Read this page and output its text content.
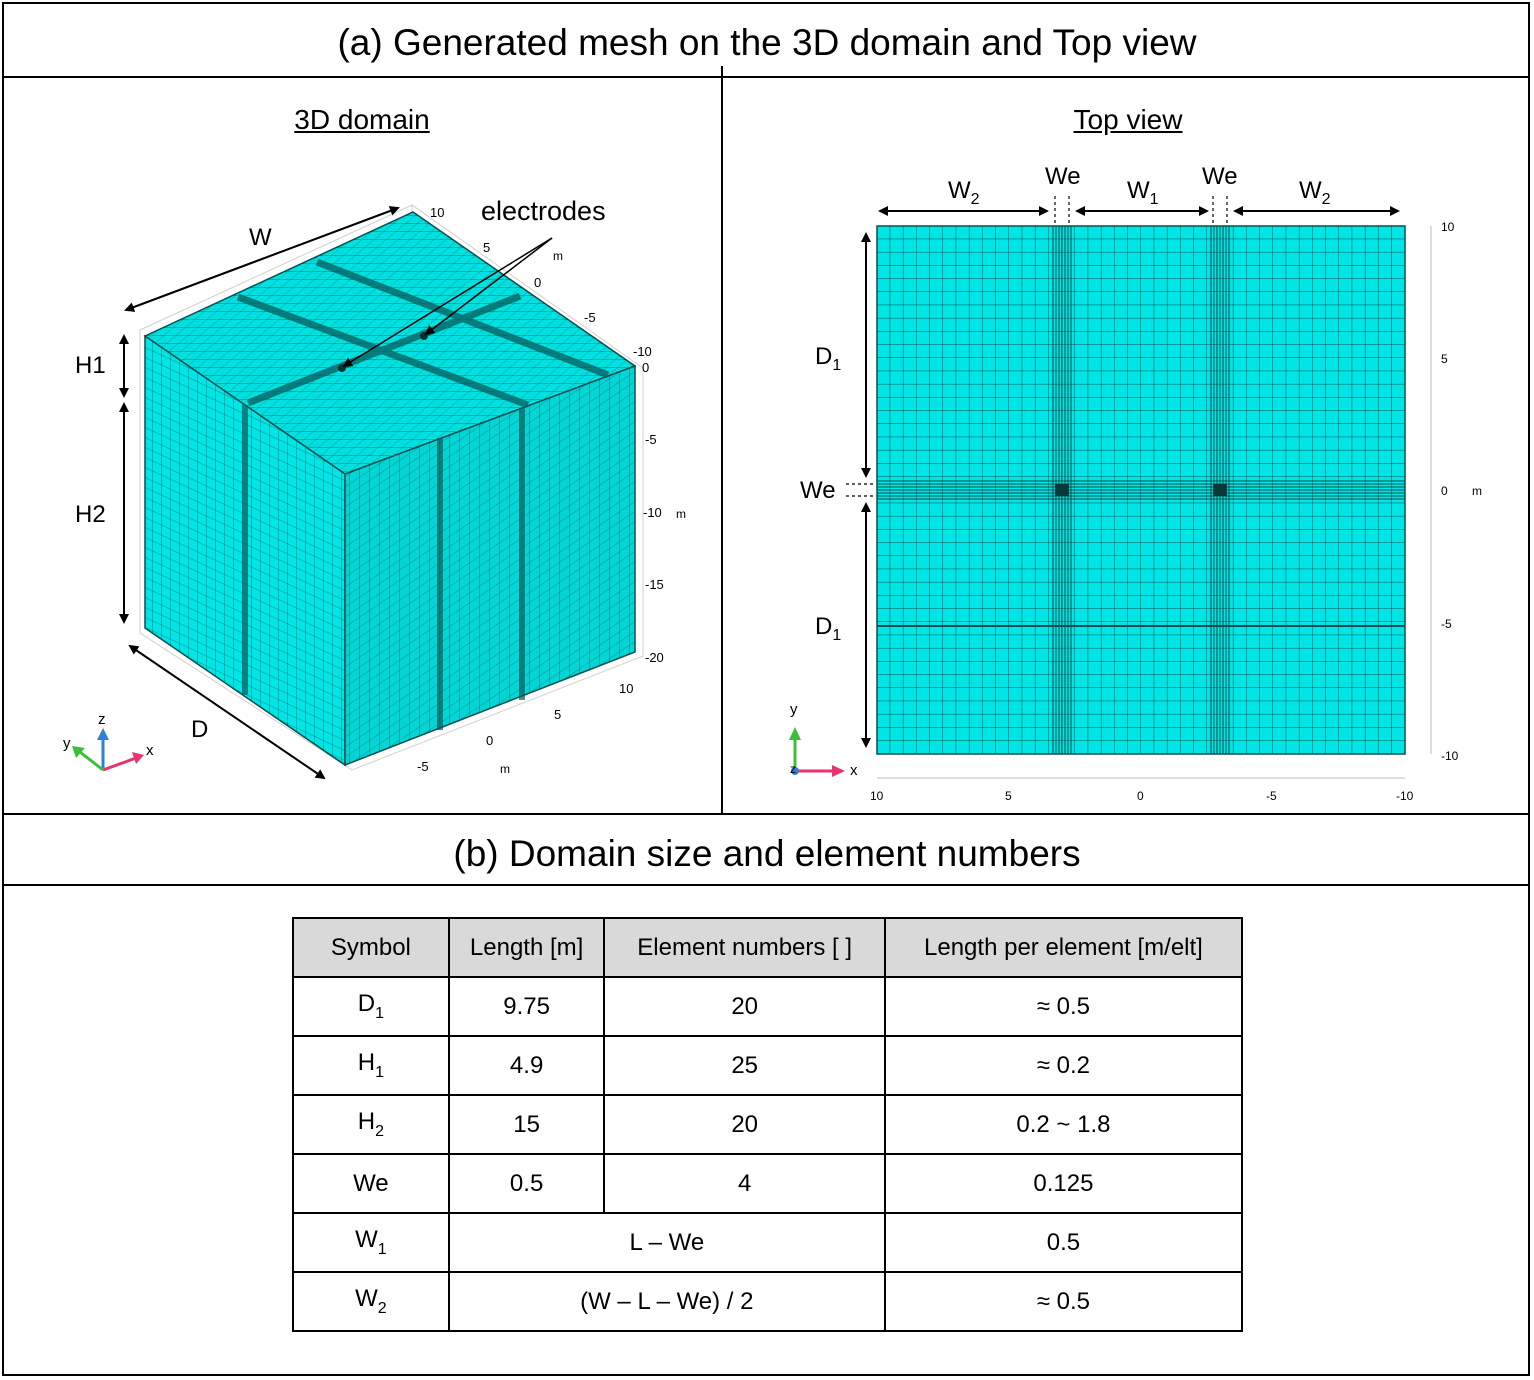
(a) Generated mesh on the 3D domain and Top view
3D domain	Top view
W
H1
H2
D
electrodes
10
5
m
0
-5
-10
0
-5
-10 m
-15
-20
10
5
0
m
-5
z
y	x
$W_2$
We
$W_1$
We
$W_2$
$D_1$
We
$D_1$
10
5
0 m
-5
-10
10	5	0	-5	-10
y
x
z
(b) Domain size and element numbers
Symbol	Length [m]	Element numbers [ ]	Length per element [m/elt]
$D_1$	9.75	20	≈ 0.5
$H_1$	4.9	25	≈ 0.2
$H_2$	15	20	0.2 ~ 1.8
We	0.5	4	0.125
$W_1$	L – We		0.5
$W_2$	(W – L – We) / 2		≈ 0.5
